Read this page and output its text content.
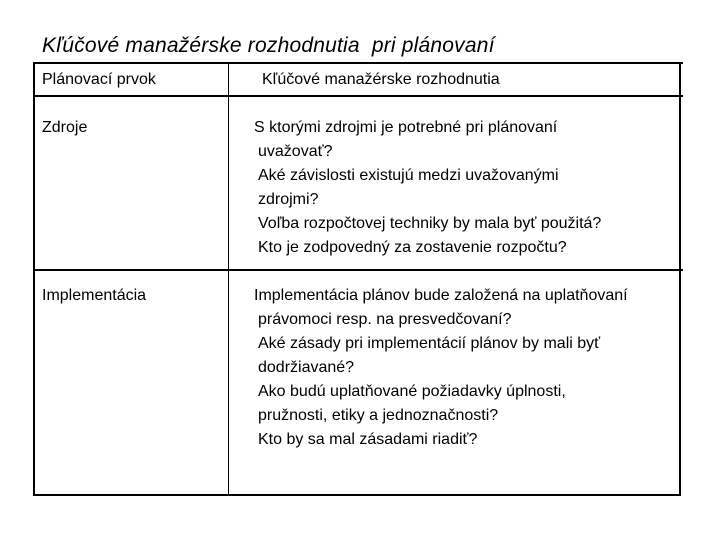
Kľúčové manažérske rozhodnutia  pri plánovaní
Plánovací prvok	Kľúčové manažérske rozhodnutia
Zdroje	S ktorými zdrojmi je potrebné pri plánovaní
uvažovať?
Aké závislosti existujú medzi uvažovanými
zdrojmi?
Voľba rozpočtovej techniky by mala byť použitá?
Kto je zodpovedný za zostavenie rozpočtu?
Implementácia	Implementácia plánov bude založená na uplatňovaní
právomoci resp. na presvedčovaní?
Aké zásady pri implementácií plánov by mali byť
dodržiavané?
Ako budú uplatňované požiadavky úplnosti,
pružnosti, etiky a jednoznačnosti?
Kto by sa mal zásadami riadiť?
